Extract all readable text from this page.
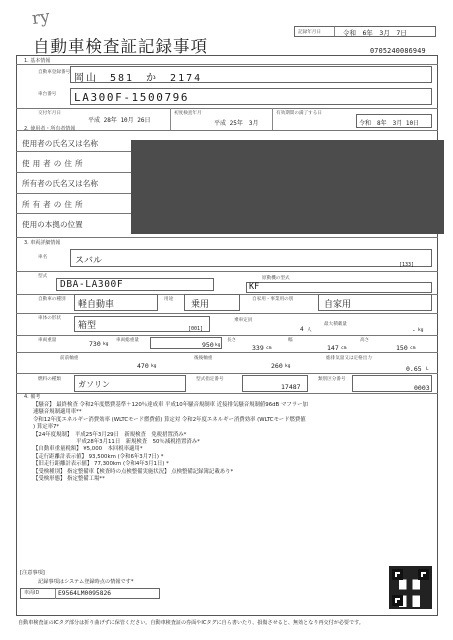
ry
自動車検査証記録事項
記録年月日	令和　6年　3月　7日
0705240086949
1. 基本情報
自動車登録番号
岡山　581　か　2174
車台番号 LA300F-1500796
交付年月日
平成 28年 10月 26日
初度検査年月
平成 25年　3月
有効期間の満了する日
令和　8年　3月 10日
2. 使用者・所有者情報
使用者の氏名又は名称
使用者の住所
所有者の氏名又は名称
所有者の住所
使用の本拠の位置
3. 車両詳細情報
車名	スバル	[133]
型式
DBA-LA300F
原動機の型式
KF
自動車の種別
軽自動車
用途
乗用
自家用・事業用の別
自家用
車体の形状
箱型	[001]
乗車定員
4 人
最大積載量
- kg
車両重量	730 kg
車両総重量
950 kg
長さ
339 cm
幅
147 cm
高さ
150 cm
前前軸重
470 kg
後後軸重
260 kg
総排気量又は定格出力
0.65 L
燃料の種類
ガソリン
型式指定番号
17487
類別区分番号
0003
4. 備考
【騒音】 最終検査 令和2年度燃費基準＋120％達成車 平成10年騒音規制車 近接排気騒音規制値96dB マフラー加
速騒音規制適用車**
令和12年度エネルギー消費効率 (WLTCモード燃費値) 算定対 令和2年度エネルギー消費効率 (WLTCモード燃費値
) 算定率7*
【24年度規制】　平成25年3月29日　新規検査　免税措置済み*
　　　　　　　　平成28年3月11日　新規検査　50％減税措置済み*
【自動車重量税額】 ¥5,000　本回税率適用*
【走行距離計表示値】 93,500km (令和6年3月7日) *
【旧走行距離計表示値】 77,300km (令和4年3月1日) *
【受検種別】 指定整備車【検査時の点検整備実施状況】 点検整備記録簿記載あり*
【受検形態】 指定整備工場**
[注意事項]
記録事項はシステム登録時点の情報です*
車両ID	E9564LM0095826
自動車検査証のICタグ部分は折り曲げずに保管ください。自動車検査証の券面やICタグに自ら書いたり、損傷させると、無効となり再交付が必要です。
